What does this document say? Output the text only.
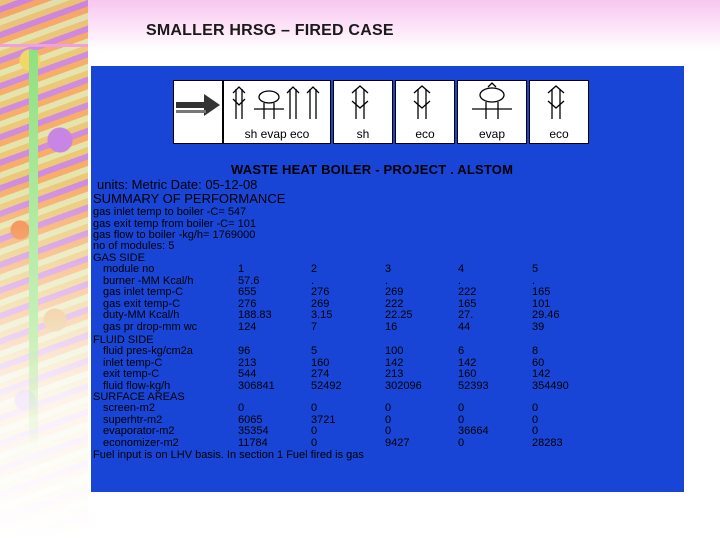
SMALLER HRSG – FIRED CASE
sh evap eco	sh	eco	evap	eco
WASTE HEAT BOILER - PROJECT . ALSTOM
units: Metric Date: 05-12-08
SUMMARY OF PERFORMANCE
gas inlet temp to boiler -C= 547
gas exit temp from boiler -C= 101
gas flow to boiler -kg/h= 1769000
no of modules: 5
GAS SIDE
module no	1	2	3	4	5
burner -MM Kcal/h	57.6	.	.	.	.
gas inlet temp-C	655	276	269	222	165
gas exit temp-C	276	269	222	165	101
duty-MM Kcal/h	188.83	3.15	22.25	27.	29.46
gas pr drop-mm wc	124	7	16	44	39
FLUID SIDE
fluid pres-kg/cm2a	96	5	100	6	8
inlet temp-C	213	160	142	142	60
exit temp-C	544	274	213	160	142
fluid flow-kg/h	306841	52492	302096	52393	354490
SURFACE AREAS
screen-m2	0	0	0	0	0
superhtr-m2	6065	3721	0	0	0
evaporator-m2	35354	0	0	36664	0
economizer-m2	11784	0	9427	0	28283
Fuel input is on LHV basis. In section 1 Fuel fired is gas
